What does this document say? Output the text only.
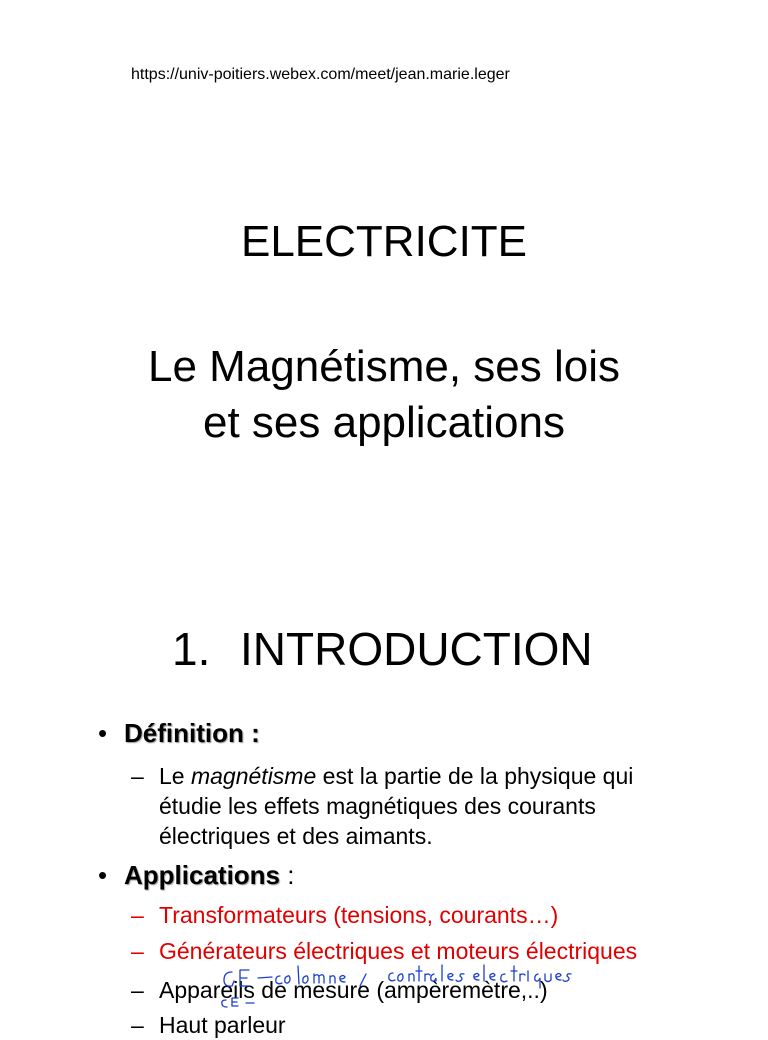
https://univ-poitiers.webex.com/meet/jean.marie.leger
ELECTRICITE
Le Magnétisme, ses lois
et ses applications
1. INTRODUCTION
• Définition :
– Le magnétisme est la partie de la physique qui
étudie les effets magnétiques des courants
électriques et des aimants.
• Applications :
– Transformateurs (tensions, courants…)
– Générateurs électriques et moteurs électriques
– Appareils de mesure (ampèremètre,..)
– Haut parleur
